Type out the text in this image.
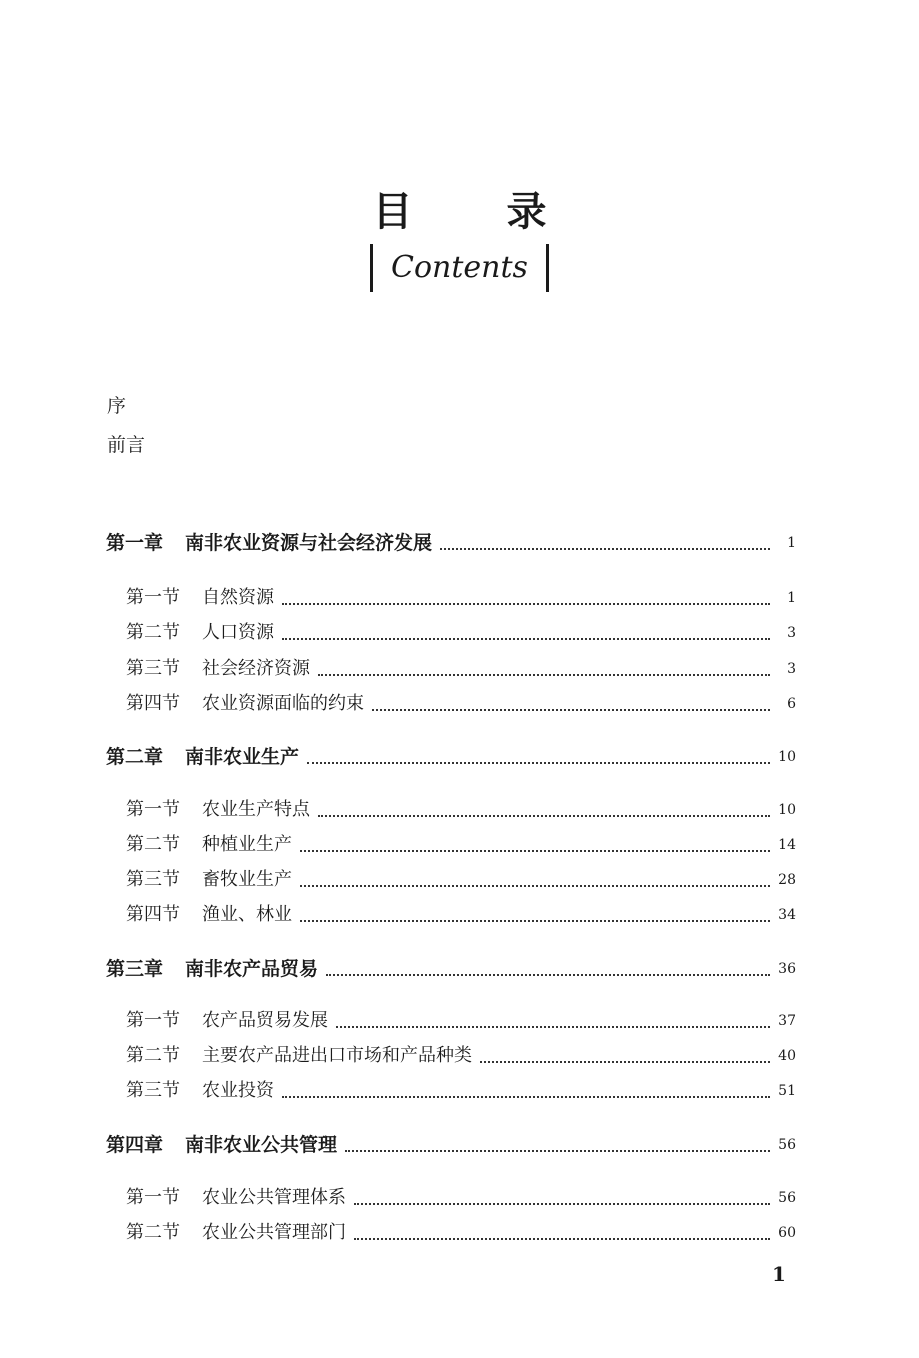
目 录
Contents
序
前言
第一章 南非农业资源与社会经济发展	1
第一节 自然资源	1
第二节 人口资源	3
第三节 社会经济资源	3
第四节 农业资源面临的约束	6
第二章 南非农业生产	10
第一节 农业生产特点	10
第二节 种植业生产	14
第三节 畜牧业生产	28
第四节 渔业、林业	34
第三章 南非农产品贸易	36
第一节 农产品贸易发展	37
第二节 主要农产品进出口市场和产品种类	40
第三节 农业投资	51
第四章 南非农业公共管理	56
第一节 农业公共管理体系	56
第二节 农业公共管理部门	60
1
